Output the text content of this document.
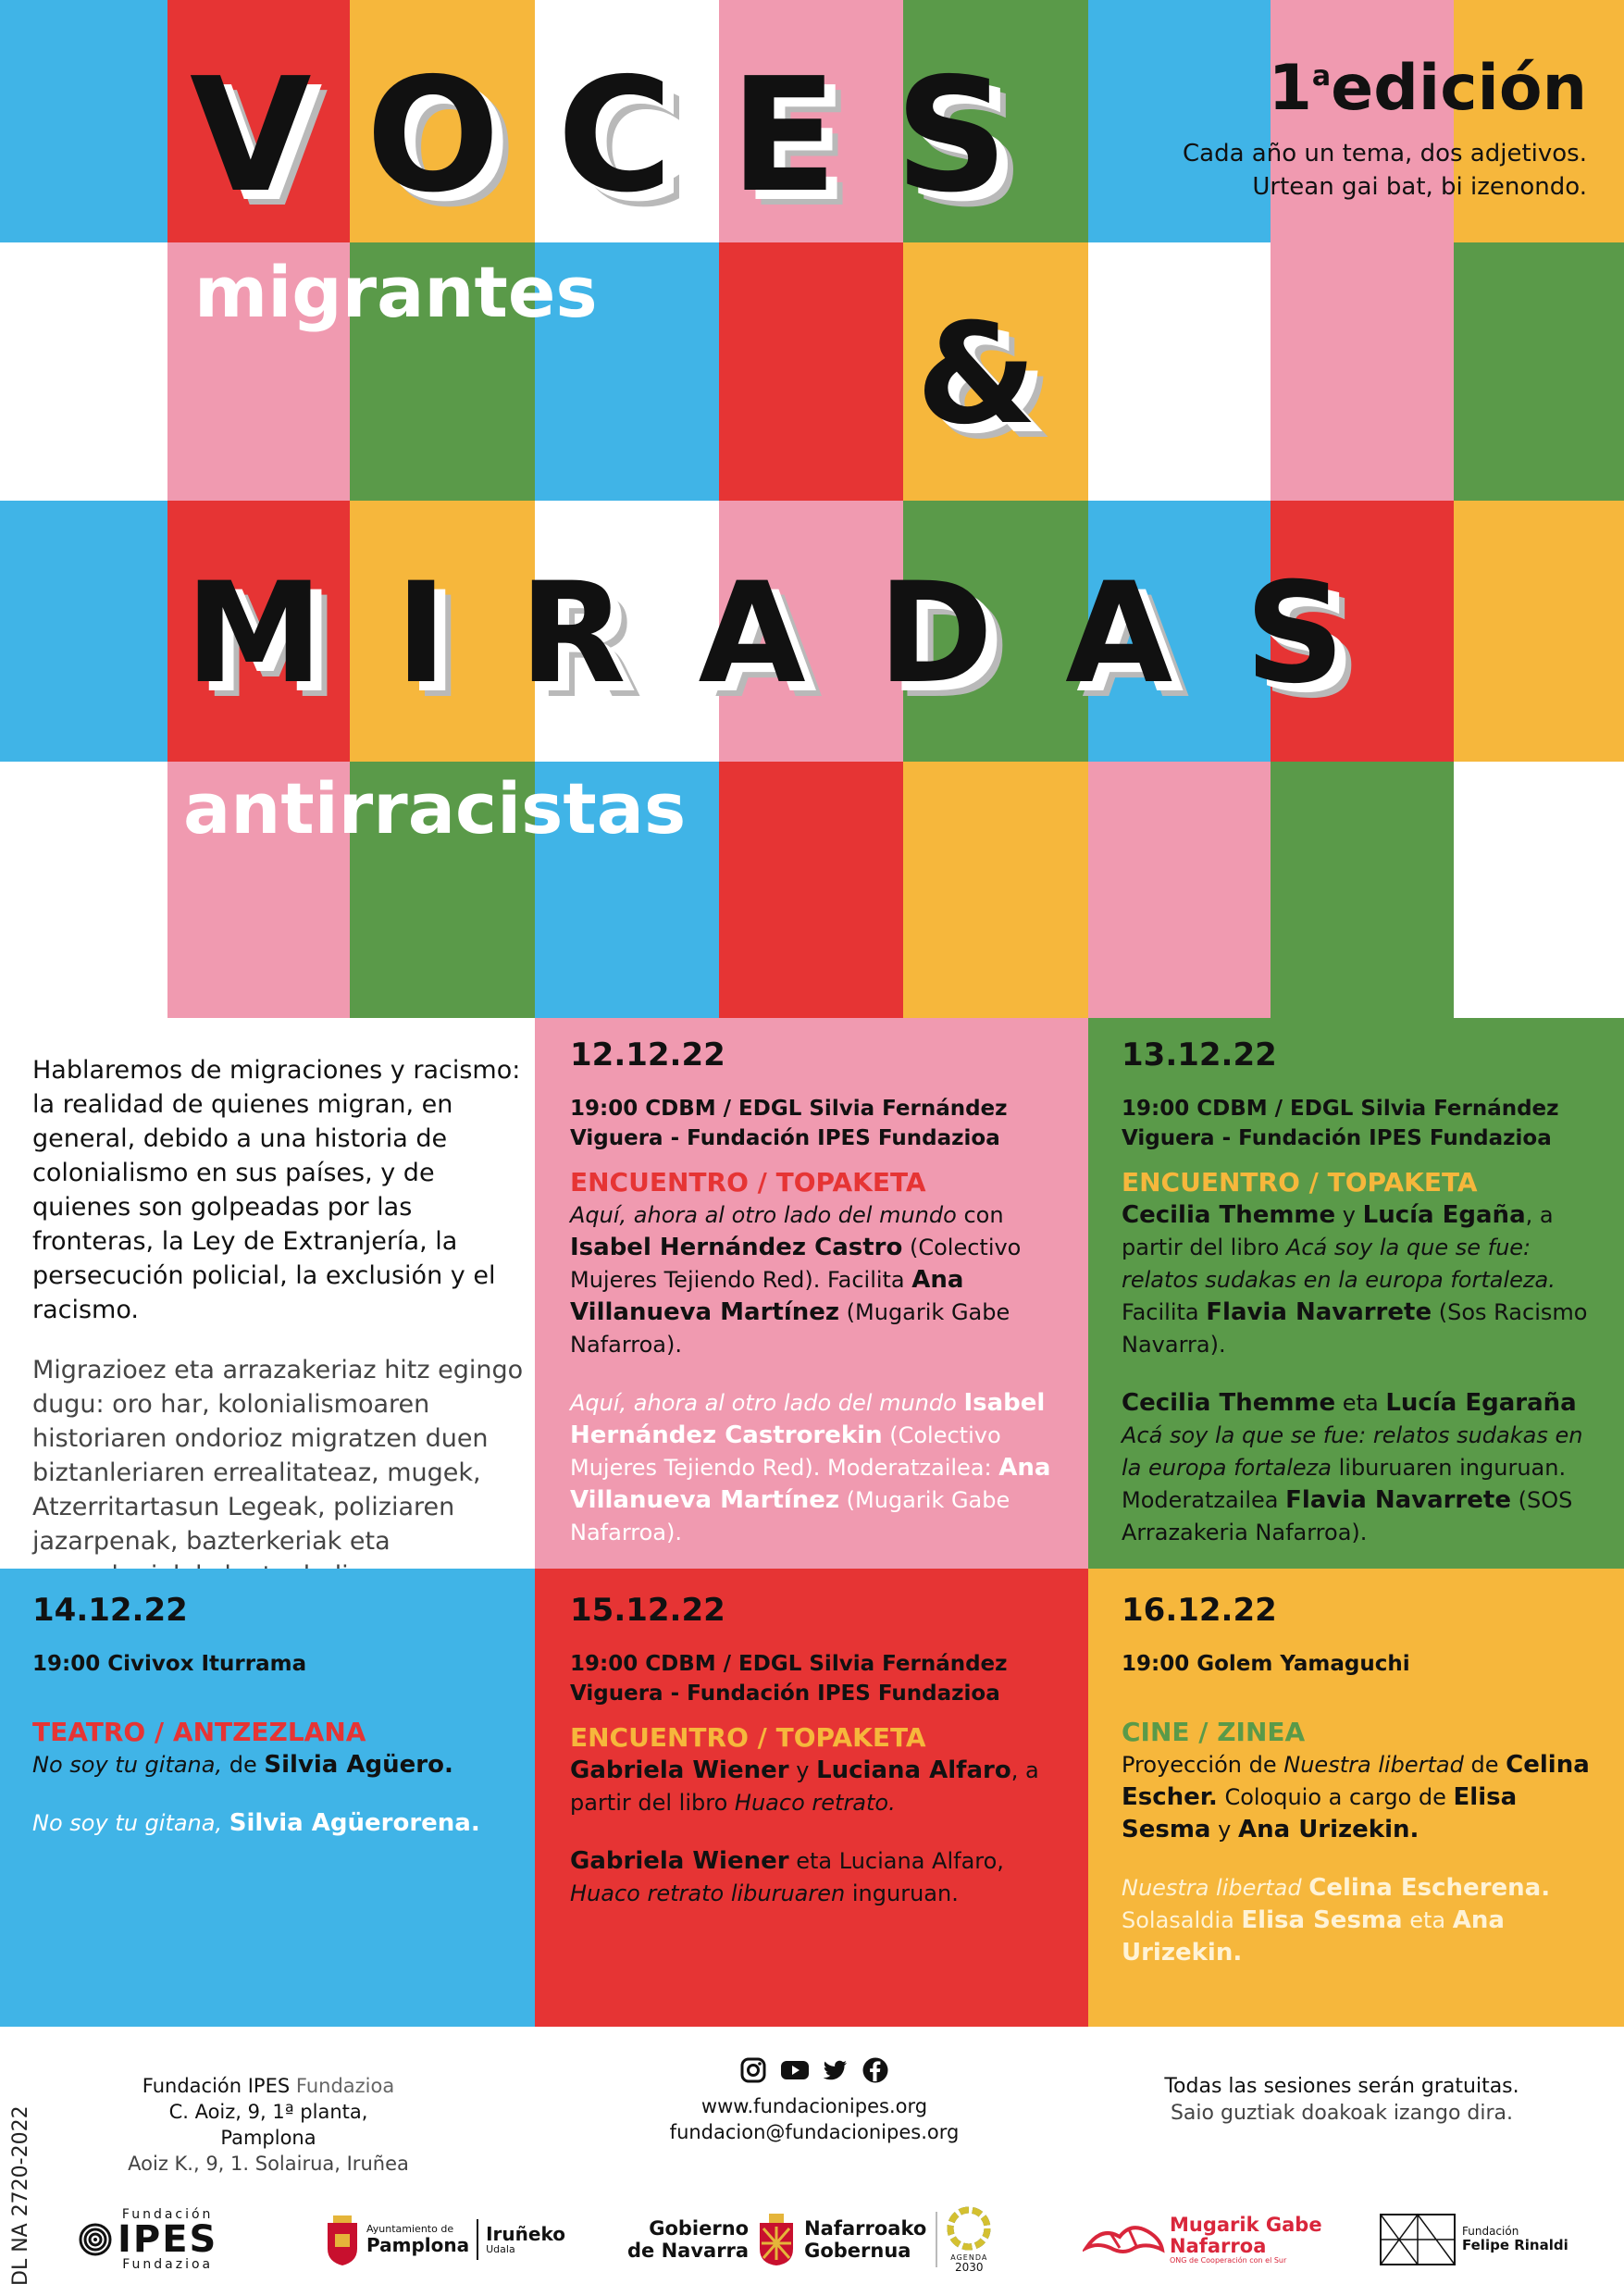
VOCES
migrantes
&
MIRADAS
antirracistas
1$^a$edición
Cada año un tema, dos adjetivos.
Urtean gai bat, bi izenondo.

Hablaremos de migraciones y racismo: la realidad de quienes migran, en general, debido a una historia de colonialismo en sus países, y de quienes son golpeadas por las fronteras, la Ley de Extranjería, la persecución policial, la exclusión y el racismo.

Migrazioez eta arrazakeriaz hitz egingo dugu: oro har, kolonialismoaren historiaren ondorioz migratzen duen biztanleriaren errealitateaz, mugek, Atzerritartasun Legeak, poliziaren jazarpenak, bazterkeriak eta

12.12.22
19:00 CDBM / EDGL Silvia Fernández Viguera - Fundación IPES Fundazioa
ENCUENTRO / TOPAKETA
Aquí, ahora al otro lado del mundo con Isabel Hernández Castro (Colectivo Mujeres Tejiendo Red). Facilita Ana Villanueva Martínez (Mugarik Gabe Nafarroa).
Aquí, ahora al otro lado del mundo Isabel Hernández Castrorekin (Colectivo Mujeres Tejiendo Red). Moderatzailea: Ana Villanueva Martínez (Mugarik Gabe Nafarroa).
13.12.22
19:00 CDBM / EDGL Silvia Fernández Viguera - Fundación IPES Fundazioa
ENCUENTRO / TOPAKETA
Cecilia Themme y Lucía Egaña, a partir del libro Acá soy la que se fue: relatos sudakas en la europa fortaleza. Facilita Flavia Navarrete (Sos Racismo Navarra).
Cecilia Themme eta Lucía Egaraña Acá soy la que se fue: relatos sudakas en la europa fortaleza liburuaren inguruan. Moderatzailea Flavia Navarrete (SOS Arrazakeria Nafarroa).
14.12.22
19:00 Civivox Iturrama
TEATRO / ANTZEZLANA
No soy tu gitana, de Silvia Agüero.
No soy tu gitana, Silvia Agüerorena.
15.12.22
19:00 CDBM / EDGL Silvia Fernández Viguera - Fundación IPES Fundazioa
ENCUENTRO / TOPAKETA
Gabriela Wiener y Luciana Alfaro, a partir del libro Huaco retrato.
Gabriela Wiener eta Luciana Alfaro, Huaco retrato liburuaren inguruan.
16.12.22
19:00 Golem Yamaguchi
CINE / ZINEA
Proyección de Nuestra libertad de Celina Escher. Coloquio a cargo de Elisa Sesma y Ana Urizekin.
Nuestra libertad Celina Escherena. Solasaldia Elisa Sesma eta Ana Urizekin.
DL NA 2720-2022
Fundación IPES Fundazioa
C. Aoiz, 9, 1ª planta, Pamplona
Aoiz K., 9, 1. Solairua, Iruñea
www.fundacionipes.org
fundacion@fundacionipes.org
Todas las sesiones serán gratuitas.
Saio guztiak doakoak izango dira.
Fundación
IPES
Fundazioa
Ayuntamiento de
Pamplona
Iruñeko
Udala
Gobierno
de Navarra
Nafarroako
Gobernua	AGENDA
2030
Mugarik Gabe
Nafarroa
ONG de Cooperación con el Sur
Fundación
Felipe Rinaldi
